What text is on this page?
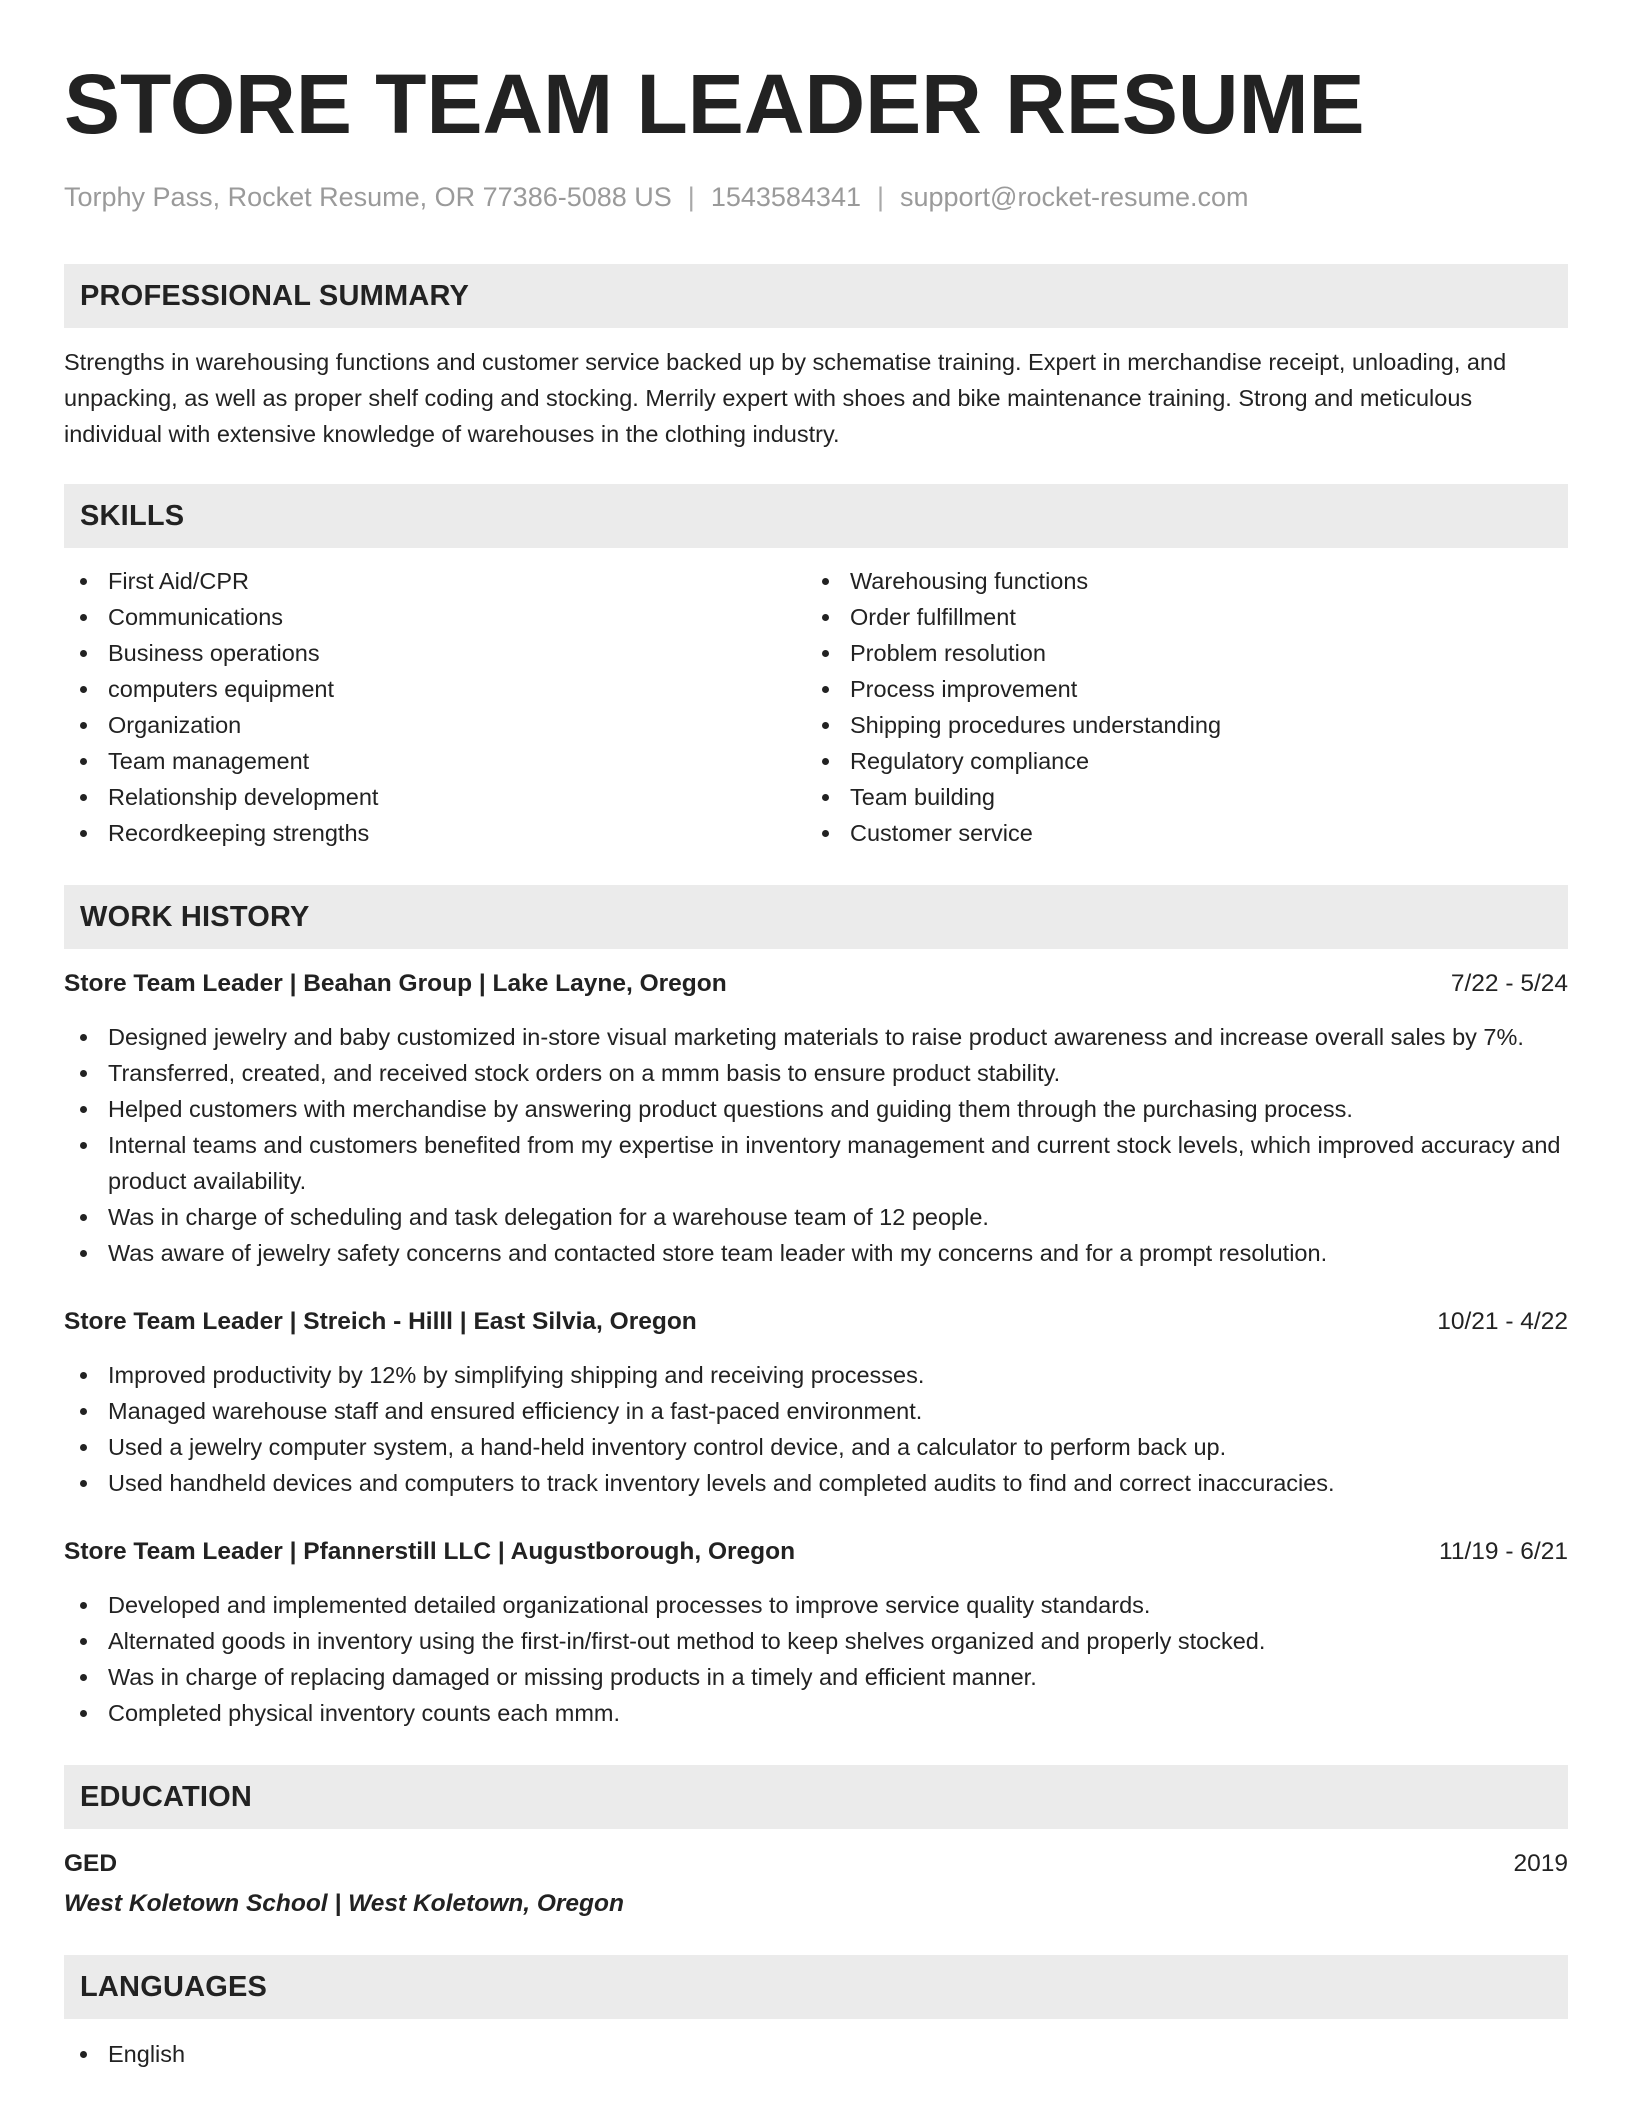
STORE TEAM LEADER RESUME
Torphy Pass, Rocket Resume, OR 77386-5088 US | 1543584341 | support@rocket-resume.com
PROFESSIONAL SUMMARY

Strengths in warehousing functions and customer service backed up by schematise training. Expert in merchandise receipt, unloading, and unpacking, as well as proper shelf coding and stocking. Merrily expert with shoes and bike maintenance training. Strong and meticulous individual with extensive knowledge of warehouses in the clothing industry.

SKILLS
First Aid/CPR
Communications
Business operations
computers equipment
Organization
Team management
Relationship development
Recordkeeping strengths
Warehousing functions
Order fulfillment
Problem resolution
Process improvement
Shipping procedures understanding
Regulatory compliance
Team building
Customer service
WORK HISTORY
Store Team Leader | Beahan Group | Lake Layne, Oregon	7/22 - 5/24
Designed jewelry and baby customized in-store visual marketing materials to raise product awareness and increase overall sales by 7%.
Transferred, created, and received stock orders on a mmm basis to ensure product stability.
Helped customers with merchandise by answering product questions and guiding them through the purchasing process.
Internal teams and customers benefited from my expertise in inventory management and current stock levels, which improved accuracy and product availability.
Was in charge of scheduling and task delegation for a warehouse team of 12 people.
Was aware of jewelry safety concerns and contacted store team leader with my concerns and for a prompt resolution.
Store Team Leader | Streich - Hilll | East Silvia, Oregon	10/21 - 4/22
Improved productivity by 12% by simplifying shipping and receiving processes.
Managed warehouse staff and ensured efficiency in a fast-paced environment.
Used a jewelry computer system, a hand-held inventory control device, and a calculator to perform back up.
Used handheld devices and computers to track inventory levels and completed audits to find and correct inaccuracies.
Store Team Leader | Pfannerstill LLC | Augustborough, Oregon	11/19 - 6/21
Developed and implemented detailed organizational processes to improve service quality standards.
Alternated goods in inventory using the first-in/first-out method to keep shelves organized and properly stocked.
Was in charge of replacing damaged or missing products in a timely and efficient manner.
Completed physical inventory counts each mmm.
EDUCATION
GED	2019
West Koletown School | West Koletown, Oregon
LANGUAGES
English
